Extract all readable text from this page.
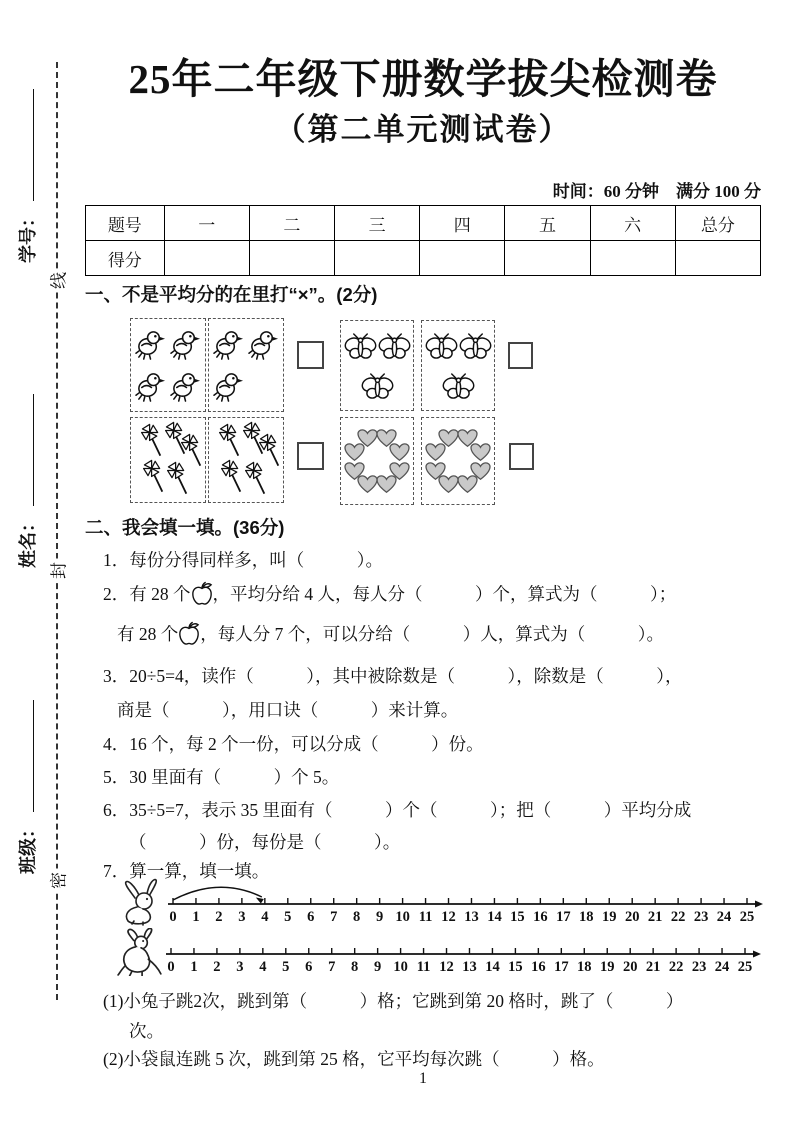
线
封
密
学号：
姓名：
班级：
25年二年级下册数学拔尖检测卷
（第二单元测试卷）
时间：60 分钟　满分 100 分
题号	一	二	三	四	五	六	总分
得分							
一、不是平均分的在里打“×”。(2分)
二、我会填一填。(36分)
1．每份分得同样多，叫（　　　）。
2．有 28 个 ，平均分给 4 人，每人分（　　　）个，算式为（　　　）；
有 28 个 ，每人分 7 个，可以分给（　　　）人，算式为（　　　）。
3．20÷5=4，读作（　　　），其中被除数是（　　　），除数是（　　　），
商是（　　　），用口诀（　　　）来计算。
4．16 个，每 2 个一份，可以分成（　　　）份。
5．30 里面有（　　　）个 5。
6．35÷5=7，表示 35 里面有（　　　）个（　　　）；把（　　　）平均分成
（　　　）份，每份是（　　　）。
7．算一算，填一填。
0 1 2 3 4 5 6 7 8 9 10 11 12 13 14 15 16 17 18 19 20 21 22 23 24 25
0 1 2 3 4 5 6 7 8 9 10 11 12 13 14 15 16 17 18 19 20 21 22 23 24 25
(1)小兔子跳2次，跳到第（　　　）格；它跳到第 20 格时，跳了（　　　）
次。
(2)小袋鼠连跳 5 次，跳到第 25 格，它平均每次跳（　　　）格。
1
